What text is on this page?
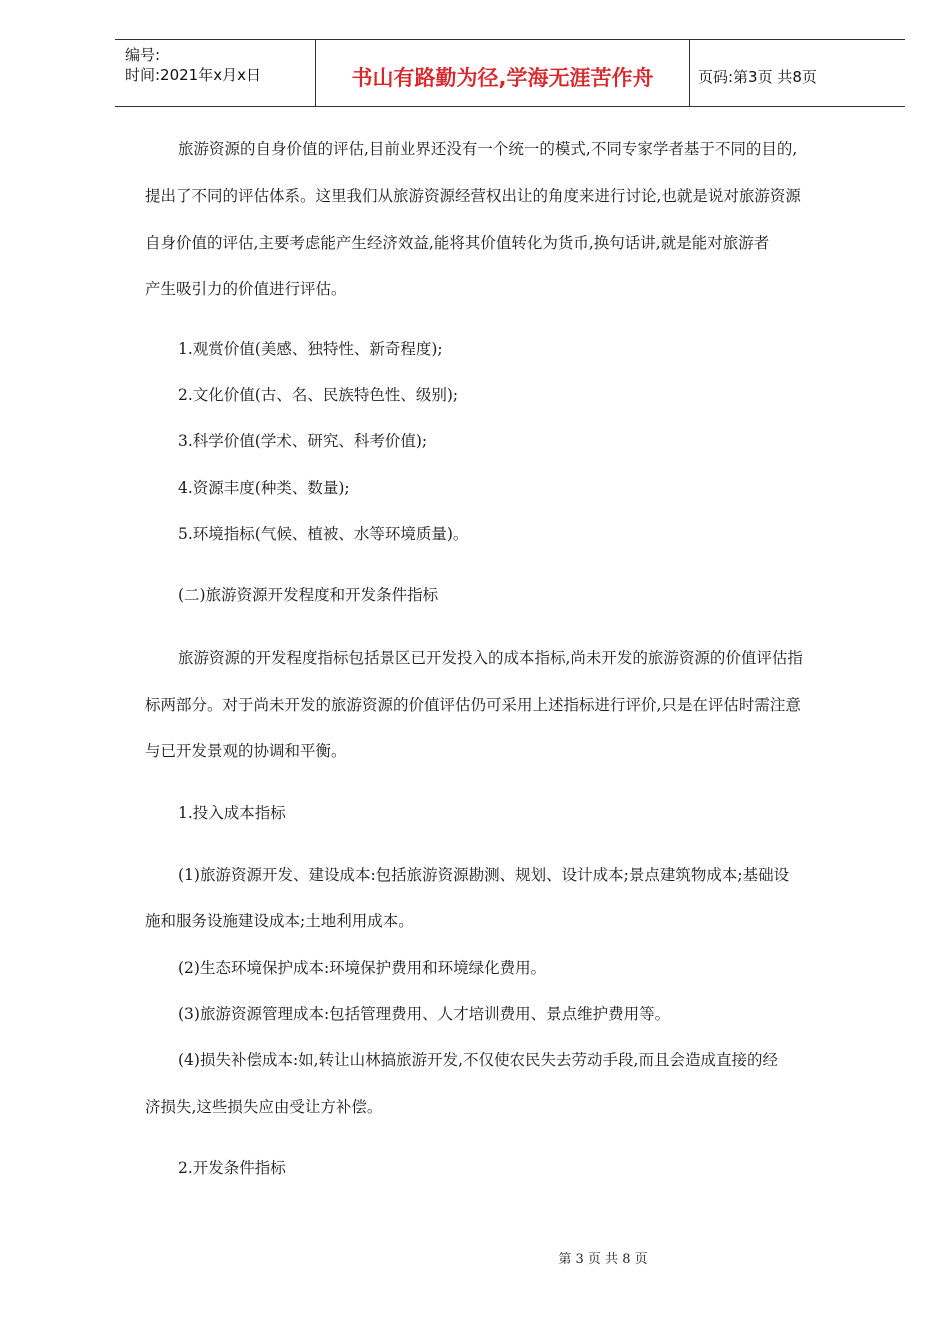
编号:
时间:2021年x月x日	书山有路勤为径,学海无涯苦作舟	页码:第3页 共8页
旅游资源的自身价值的评估,目前业界还没有一个统一的模式,不同专家学者基于不同的目的,
提出了不同的评估体系。这里我们从旅游资源经营权出让的角度来进行讨论,也就是说对旅游资源
自身价值的评估,主要考虑能产生经济效益,能将其价值转化为货币,换句话讲,就是能对旅游者
产生吸引力的价值进行评估。
1.观赏价值(美感、独特性、新奇程度);
2.文化价值(古、名、民族特色性、级别);
3.科学价值(学术、研究、科考价值);
4.资源丰度(种类、数量);
5.环境指标(气候、植被、水等环境质量)。
(二)旅游资源开发程度和开发条件指标
旅游资源的开发程度指标包括景区已开发投入的成本指标,尚未开发的旅游资源的价值评估指
标两部分。对于尚未开发的旅游资源的价值评估仍可采用上述指标进行评价,只是在评估时需注意
与已开发景观的协调和平衡。
1.投入成本指标
(1)旅游资源开发、建设成本:包括旅游资源勘测、规划、设计成本;景点建筑物成本;基础设
施和服务设施建设成本;土地利用成本。
(2)生态环境保护成本:环境保护费用和环境绿化费用。
(3)旅游资源管理成本:包括管理费用、人才培训费用、景点维护费用等。
(4)损失补偿成本:如,转让山林搞旅游开发,不仅使农民失去劳动手段,而且会造成直接的经
济损失,这些损失应由受让方补偿。
2.开发条件指标
第 3 页 共 8 页
